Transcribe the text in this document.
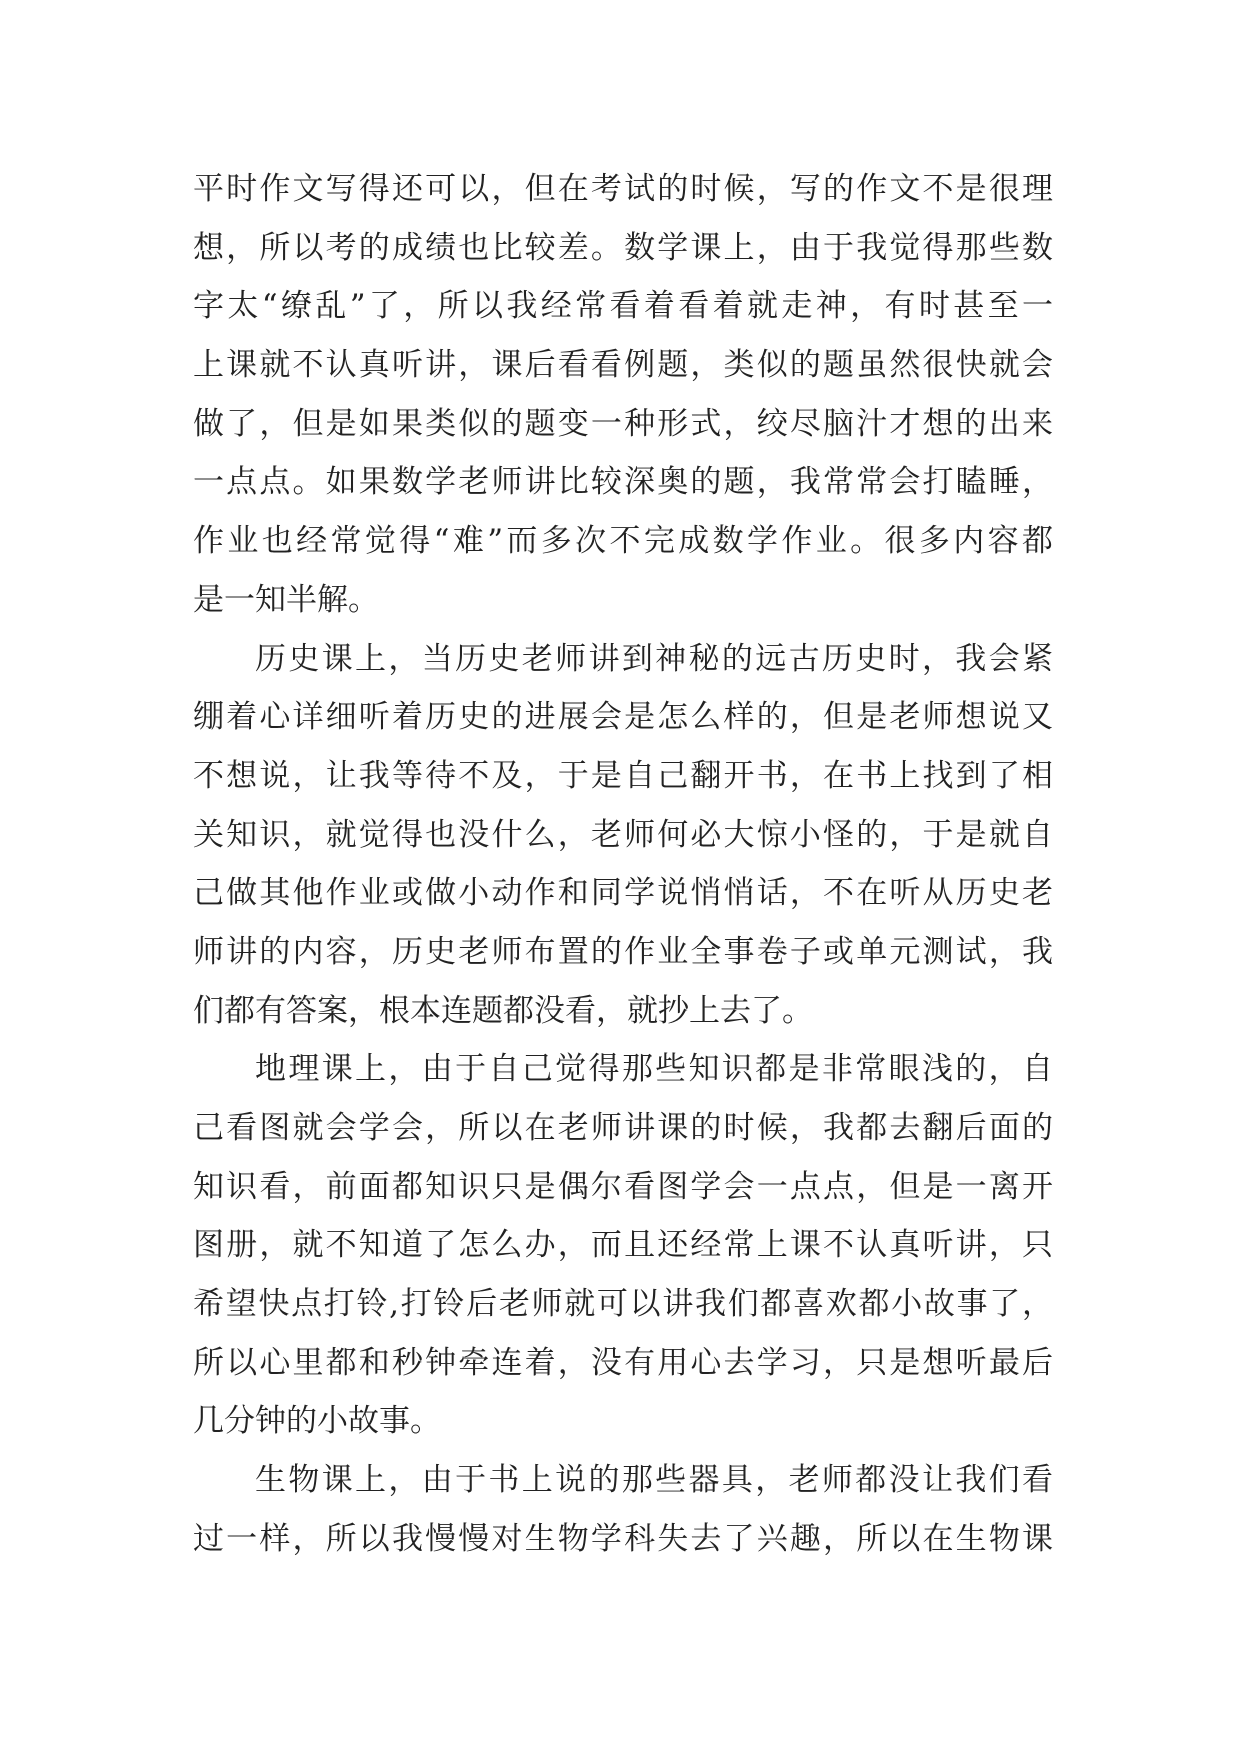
平时作文写得还可以，但在考试的时候，写的作文不是很理
想，所以考的成绩也比较差。数学课上，由于我觉得那些数
字太“缭乱”了，所以我经常看着看着就走神，有时甚至一
上课就不认真听讲，课后看看例题，类似的题虽然很快就会
做了，但是如果类似的题变一种形式，绞尽脑汁才想的出来
一点点。如果数学老师讲比较深奥的题，我常常会打瞌睡，
作业也经常觉得“难”而多次不完成数学作业。很多内容都
是一知半解。
历史课上，当历史老师讲到神秘的远古历史时，我会紧
绷着心详细听着历史的进展会是怎么样的，但是老师想说又
不想说，让我等待不及，于是自己翻开书，在书上找到了相
关知识，就觉得也没什么，老师何必大惊小怪的，于是就自
己做其他作业或做小动作和同学说悄悄话，不在听从历史老
师讲的内容，历史老师布置的作业全事卷子或单元测试，我
们都有答案，根本连题都没看，就抄上去了。
地理课上，由于自己觉得那些知识都是非常眼浅的，自
己看图就会学会，所以在老师讲课的时候，我都去翻后面的
知识看，前面都知识只是偶尔看图学会一点点，但是一离开
图册，就不知道了怎么办，而且还经常上课不认真听讲，只
希望快点打铃,打铃后老师就可以讲我们都喜欢都小故事了，
所以心里都和秒钟牵连着，没有用心去学习，只是想听最后
几分钟的小故事。
生物课上，由于书上说的那些器具，老师都没让我们看
过一样，所以我慢慢对生物学科失去了兴趣，所以在生物课
